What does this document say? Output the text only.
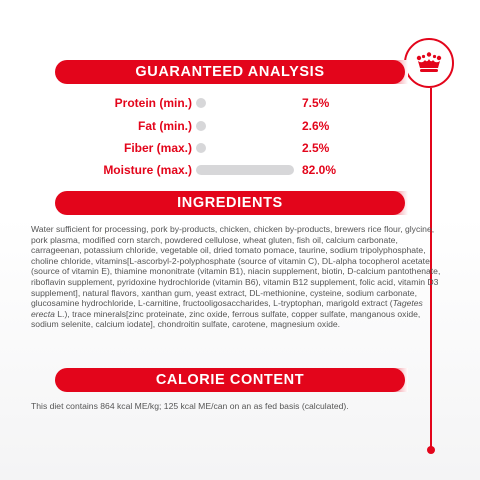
GUARANTEED ANALYSIS
Protein (min.)	7.5%
Fat (min.)	2.6%
Fiber (max.)	2.5%
Moisture (max.)	82.0%
INGREDIENTS
Water sufficient for processing, pork by-products, chicken, chicken by-products, brewers rice flour, glycine, pork plasma, modified corn starch, powdered cellulose, wheat gluten, fish oil, calcium carbonate, carrageenan, potassium chloride, vegetable oil, dried tomato pomace, taurine, sodium tripolyphosphate, choline chloride, vitamins[L-ascorbyl-2-polyphosphate (source of vitamin C), DL-alpha tocopherol acetate (source of vitamin E), thiamine mononitrate (vitamin B1), niacin supplement, biotin, D-calcium pantothenate, riboflavin supplement, pyridoxine hydrochloride (vitamin B6), vitamin B12 supplement, folic acid, vitamin D3 supplement], natural flavors, xanthan gum, yeast extract, DL-methionine, cysteine, sodium carbonate, glucosamine hydrochloride, L-carnitine, fructooligosaccharides, L-tryptophan, marigold extract (Tagetes erecta L.), trace minerals[zinc proteinate, zinc oxide, ferrous sulfate, copper sulfate, manganous oxide, sodium selenite, calcium iodate], chondroitin sulfate, carotene, magnesium oxide.
CALORIE CONTENT
This diet contains 864 kcal ME/kg; 125 kcal ME/can on an as fed basis (calculated).
